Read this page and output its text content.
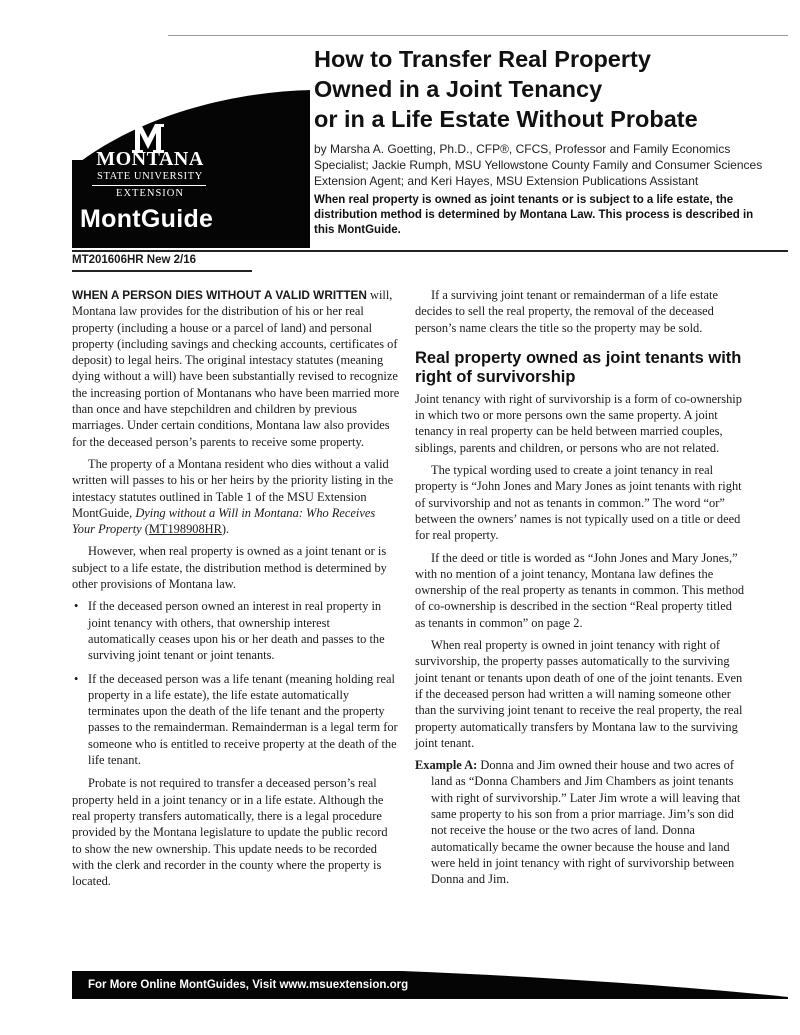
MONTANA
STATE UNIVERSITY
EXTENSION
MontGuide
How to Transfer Real Property
Owned in a Joint Tenancy
or in a Life Estate Without Probate
by Marsha A. Goetting, Ph.D., CFP®, CFCS, Professor and Family Economics Specialist; Jackie Rumph, MSU Yellowstone County Family and Consumer Sciences Extension Agent; and Keri Hayes, MSU Extension Publications Assistant
When real property is owned as joint tenants or is subject to a life estate, the distribution method is determined by Montana Law. This process is described in this MontGuide.
MT201606HR New 2/16

WHEN A PERSON DIES WITHOUT A VALID WRITTEN will, Montana law provides for the distribution of his or her real property (including a house or a parcel of land) and personal property (including savings and checking accounts, certificates of deposit) to legal heirs. The original intestacy statutes (meaning dying without a will) have been substantially revised to recognize the increasing portion of Montanans who have been married more than once and have stepchildren and children by previous marriages. Under certain conditions, Montana law also provides for the deceased person’s parents to receive some property.

The property of a Montana resident who dies without a valid written will passes to his or her heirs by the priority listing in the intestacy statutes outlined in Table 1 of the MSU Extension MontGuide, Dying without a Will in Montana: Who Receives Your Property (MT198908HR).

However, when real property is owned as a joint tenant or is subject to a life estate, the distribution method is determined by other provisions of Montana law.

• If the deceased person owned an interest in real property in joint tenancy with others, that ownership interest automatically ceases upon his or her death and passes to the surviving joint tenant or joint tenants.
• If the deceased person was a life tenant (meaning holding real property in a life estate), the life estate automatically terminates upon the death of the life tenant and the property passes to the remainderman. Remainderman is a legal term for someone who is entitled to receive property at the death of the life tenant.

Probate is not required to transfer a deceased person’s real property held in a joint tenancy or in a life estate. Although the real property transfers automatically, there is a legal procedure provided by the Montana legislature to update the public record to show the new ownership. This update needs to be recorded with the clerk and recorder in the county where the property is located.

If a surviving joint tenant or remainderman of a life estate decides to sell the real property, the removal of the deceased person’s name clears the title so the property may be sold.

Real property owned as joint tenants with right of survivorship

Joint tenancy with right of survivorship is a form of co-ownership in which two or more persons own the same property. A joint tenancy in real property can be held between married couples, siblings, parents and children, or persons who are not related.

The typical wording used to create a joint tenancy in real property is “John Jones and Mary Jones as joint tenants with right of survivorship and not as tenants in common.” The word “or” between the owners’ names is not typically used on a title or deed for real property.

If the deed or title is worded as “John Jones and Mary Jones,” with no mention of a joint tenancy, Montana law defines the ownership of the real property as tenants in common. This method of co-ownership is described in the section “Real property titled as tenants in common” on page 2.

When real property is owned in joint tenancy with right of survivorship, the property passes automatically to the surviving joint tenant or tenants upon death of one of the joint tenants. Even if the deceased person had written a will naming someone other than the surviving joint tenant to receive the real property, the real property automatically transfers by Montana law to the surviving joint tenant.

Example A: Donna and Jim owned their house and two acres of land as “Donna Chambers and Jim Chambers as joint tenants with right of survivorship.” Later Jim wrote a will leaving that same property to his son from a prior marriage. Jim’s son did not receive the house or the two acres of land. Donna automatically became the owner because the house and land were held in joint tenancy with right of survivorship between Donna and Jim.

For More Online MontGuides, Visit www.msuextension.org
